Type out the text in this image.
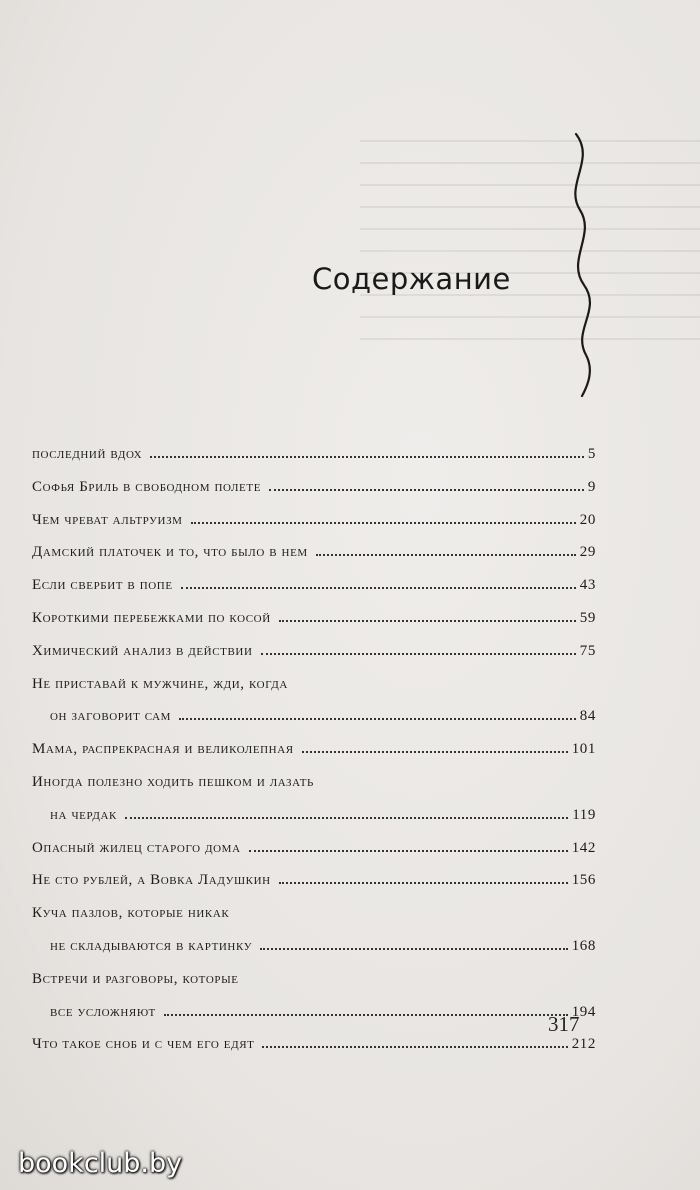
Содержание
последний вдох	5
Софья Бриль в свободном полете	9
Чем чреват альтруизм	20
Дамский платочек и то, что было в нем	29
Если свербит в попе	43
Короткими перебежками по косой	59
Химический анализ в действии	75
Не приставай к мужчине, жди, когда
он заговорит сам	84
Мама, распрекрасная и великолепная	101
Иногда полезно ходить пешком и лазать
на чердак	119
Опасный жилец старого дома	142
Не сто рублей, а Вовка Ладушкин	156
Куча пазлов, которые никак
не складываются в картинку	168
Встречи и разговоры, которые
все усложняют	194
Что такое сноб и с чем его едят	212
317
bookclub.by
